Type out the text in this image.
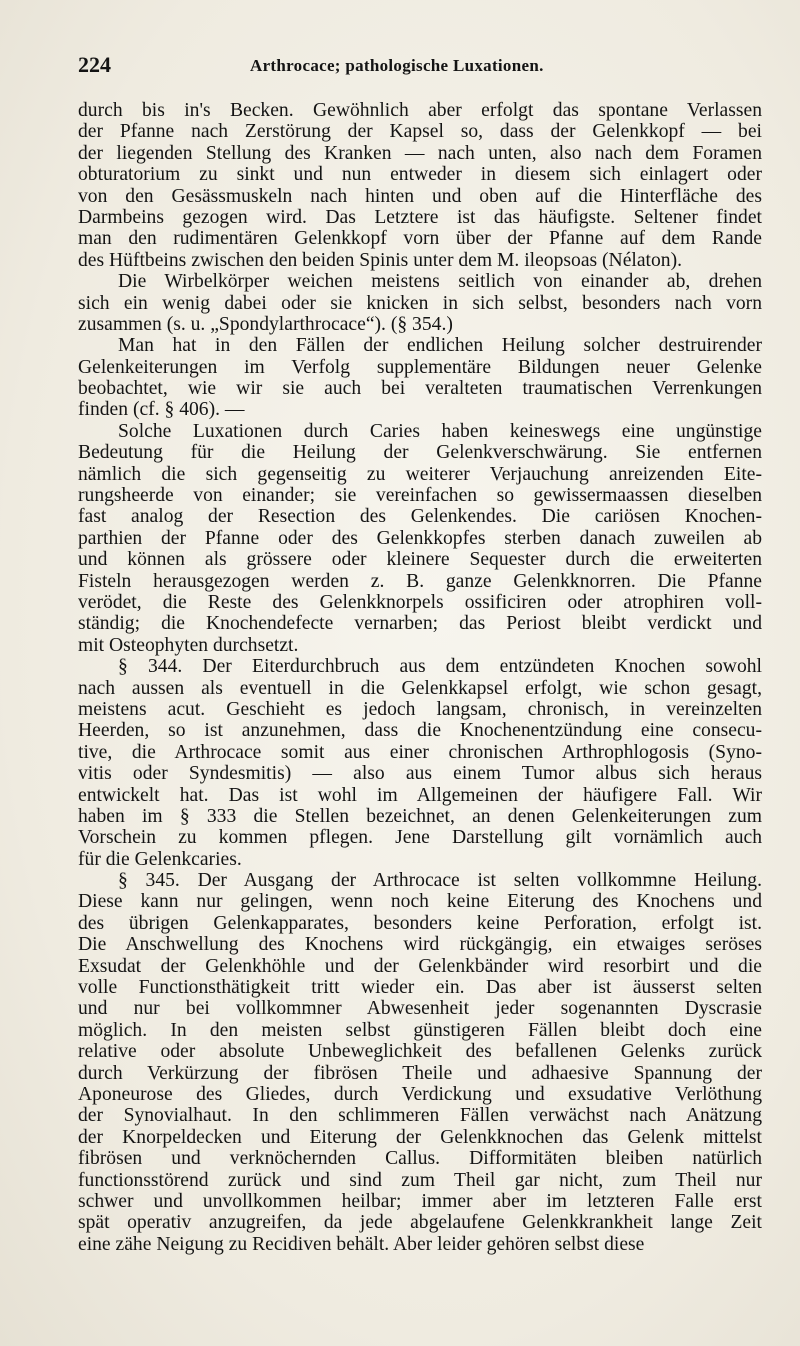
224	Arthrocace; pathologische Luxationen.
durch bis in's Becken. Gewöhnlich aber erfolgt das spontane Verlassen
der Pfanne nach Zerstörung der Kapsel so, dass der Gelenkkopf — bei
der liegenden Stellung des Kranken — nach unten, also nach dem Foramen
obturatorium zu sinkt und nun entweder in diesem sich einlagert oder
von den Gesässmuskeln nach hinten und oben auf die Hinterfläche des
Darmbeins gezogen wird. Das Letztere ist das häufigste. Seltener findet
man den rudimentären Gelenkkopf vorn über der Pfanne auf dem Rande
des Hüftbeins zwischen den beiden Spinis unter dem M. ileopsoas (Nélaton).
Die Wirbelkörper weichen meistens seitlich von einander ab, drehen
sich ein wenig dabei oder sie knicken in sich selbst, besonders nach vorn
zusammen (s. u. „Spondylarthrocace“). (§ 354.)
Man hat in den Fällen der endlichen Heilung solcher destruirender
Gelenkeiterungen im Verfolg supplementäre Bildungen neuer Gelenke
beobachtet, wie wir sie auch bei veralteten traumatischen Verrenkungen
finden (cf. § 406). —
Solche Luxationen durch Caries haben keineswegs eine ungünstige
Bedeutung für die Heilung der Gelenkverschwärung. Sie entfernen
nämlich die sich gegenseitig zu weiterer Verjauchung anreizenden Eite-
rungsheerde von einander; sie vereinfachen so gewissermaassen dieselben
fast analog der Resection des Gelenkendes. Die cariösen Knochen-
parthien der Pfanne oder des Gelenkkopfes sterben danach zuweilen ab
und können als grössere oder kleinere Sequester durch die erweiterten
Fisteln herausgezogen werden z. B. ganze Gelenkknorren. Die Pfanne
verödet, die Reste des Gelenkknorpels ossificiren oder atrophiren voll-
ständig; die Knochendefecte vernarben; das Periost bleibt verdickt und
mit Osteophyten durchsetzt.
§ 344. Der Eiterdurchbruch aus dem entzündeten Knochen sowohl
nach aussen als eventuell in die Gelenkkapsel erfolgt, wie schon gesagt,
meistens acut. Geschieht es jedoch langsam, chronisch, in vereinzelten
Heerden, so ist anzunehmen, dass die Knochenentzündung eine consecu-
tive, die Arthrocace somit aus einer chronischen Arthrophlogosis (Syno-
vitis oder Syndesmitis) — also aus einem Tumor albus sich heraus
entwickelt hat. Das ist wohl im Allgemeinen der häufigere Fall. Wir
haben im § 333 die Stellen bezeichnet, an denen Gelenkeiterungen zum
Vorschein zu kommen pflegen. Jene Darstellung gilt vornämlich auch
für die Gelenkcaries.
§ 345. Der Ausgang der Arthrocace ist selten vollkommne Heilung.
Diese kann nur gelingen, wenn noch keine Eiterung des Knochens und
des übrigen Gelenkapparates, besonders keine Perforation, erfolgt ist.
Die Anschwellung des Knochens wird rückgängig, ein etwaiges seröses
Exsudat der Gelenkhöhle und der Gelenkbänder wird resorbirt und die
volle Functionsthätigkeit tritt wieder ein. Das aber ist äusserst selten
und nur bei vollkommner Abwesenheit jeder sogenannten Dyscrasie
möglich. In den meisten selbst günstigeren Fällen bleibt doch eine
relative oder absolute Unbeweglichkeit des befallenen Gelenks zurück
durch Verkürzung der fibrösen Theile und adhaesive Spannung der
Aponeurose des Gliedes, durch Verdickung und exsudative Verlöthung
der Synovialhaut. In den schlimmeren Fällen verwächst nach Anätzung
der Knorpeldecken und Eiterung der Gelenkknochen das Gelenk mittelst
fibrösen und verknöchernden Callus. Difformitäten bleiben natürlich
functionsstörend zurück und sind zum Theil gar nicht, zum Theil nur
schwer und unvollkommen heilbar; immer aber im letzteren Falle erst
spät operativ anzugreifen, da jede abgelaufene Gelenkkrankheit lange Zeit
eine zähe Neigung zu Recidiven behält. Aber leider gehören selbst diese
